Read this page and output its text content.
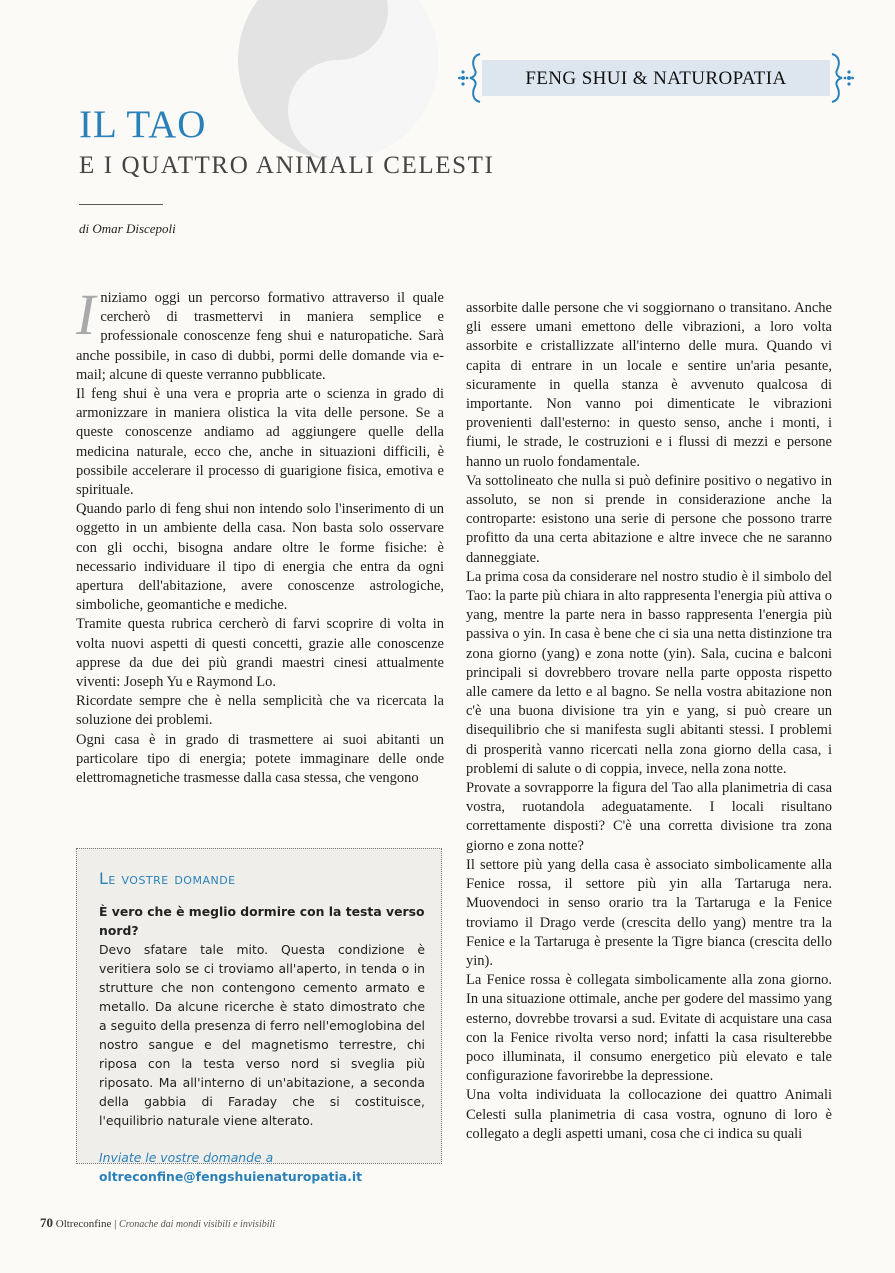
FENG SHUI & NATUROPATIA
IL TAO
E I QUATTRO ANIMALI CELESTI
di Omar Discepoli

Iniziamo oggi un percorso formativo attraverso il quale cercherò di trasmettervi in maniera semplice e professionale conoscenze feng shui e naturopatiche. Sarà anche possibile, in caso di dubbi, pormi delle domande via e-mail; alcune di queste verranno pubblicate.

Il feng shui è una vera e propria arte o scienza in grado di armonizzare in maniera olistica la vita delle persone. Se a queste conoscenze andiamo ad aggiungere quelle della medicina naturale, ecco che, anche in situazioni difficili, è possibile accelerare il processo di guarigione fisica, emotiva e spirituale.

Quando parlo di feng shui non intendo solo l'inserimento di un oggetto in un ambiente della casa. Non basta solo osservare con gli occhi, bisogna andare oltre le forme fisiche: è necessario individuare il tipo di energia che entra da ogni apertura dell'abitazione, avere conoscenze astrologiche, simboliche, geomantiche e mediche.

Tramite questa rubrica cercherò di farvi scoprire di volta in volta nuovi aspetti di questi concetti, grazie alle conoscenze apprese da due dei più grandi maestri cinesi attualmente viventi: Joseph Yu e Raymond Lo.

Ricordate sempre che è nella semplicità che va ricercata la soluzione dei problemi.

Ogni casa è in grado di trasmettere ai suoi abitanti un particolare tipo di energia; potete immaginare delle onde elettromagnetiche trasmesse dalla casa stessa, che vengono

assorbite dalle persone che vi soggiornano o transitano. Anche gli essere umani emettono delle vibrazioni, a loro volta assorbite e cristallizzate all'interno delle mura. Quando vi capita di entrare in un locale e sentire un'aria pesante, sicuramente in quella stanza è avvenuto qualcosa di importante. Non vanno poi dimenticate le vibrazioni provenienti dall'esterno: in questo senso, anche i monti, i fiumi, le strade, le costruzioni e i flussi di mezzi e persone hanno un ruolo fondamentale.

Va sottolineato che nulla si può definire positivo o negativo in assoluto, se non si prende in considerazione anche la controparte: esistono una serie di persone che possono trarre profitto da una certa abitazione e altre invece che ne saranno danneggiate.

La prima cosa da considerare nel nostro studio è il simbolo del Tao: la parte più chiara in alto rappresenta l'energia più attiva o yang, mentre la parte nera in basso rappresenta l'energia più passiva o yin. In casa è bene che ci sia una netta distinzione tra zona giorno (yang) e zona notte (yin). Sala, cucina e balconi principali si dovrebbero trovare nella parte opposta rispetto alle camere da letto e al bagno. Se nella vostra abitazione non c'è una buona divisione tra yin e yang, si può creare un disequilibrio che si manifesta sugli abitanti stessi. I problemi di prosperità vanno ricercati nella zona giorno della casa, i problemi di salute o di coppia, invece, nella zona notte.

Provate a sovrapporre la figura del Tao alla planimetria di casa vostra, ruotandola adeguatamente. I locali risultano correttamente disposti? C'è una corretta divisione tra zona giorno e zona notte?

Il settore più yang della casa è associato simbolicamente alla Fenice rossa, il settore più yin alla Tartaruga nera. Muovendoci in senso orario tra la Tartaruga e la Fenice troviamo il Drago verde (crescita dello yang) mentre tra la Fenice e la Tartaruga è presente la Tigre bianca (crescita dello yin).

La Fenice rossa è collegata simbolicamente alla zona giorno. In una situazione ottimale, anche per godere del massimo yang esterno, dovrebbe trovarsi a sud. Evitate di acquistare una casa con la Fenice rivolta verso nord; infatti la casa risulterebbe poco illuminata, il consumo energetico più elevato e tale configurazione favorirebbe la depressione.

Una volta individuata la collocazione dei quattro Animali Celesti sulla planimetria di casa vostra, ognuno di loro è collegato a degli aspetti umani, cosa che ci indica su quali

Le vostre domande

È vero che è meglio dormire con la testa verso nord?

Devo sfatare tale mito. Questa condizione è veritiera solo se ci troviamo all'aperto, in tenda o in strutture che non contengono cemento armato e metallo. Da alcune ricerche è stato dimostrato che a seguito della presenza di ferro nell'emoglobina del nostro sangue e del magnetismo terrestre, chi riposa con la testa verso nord si sveglia più riposato. Ma all'interno di un'abitazione, a seconda della gabbia di Faraday che si costituisce, l'equilibrio naturale viene alterato.

Inviate le vostre domande a

oltreconfine@fengshuienaturopatia.it

70 Oltreconfine | Cronache dai mondi visibili e invisibili
